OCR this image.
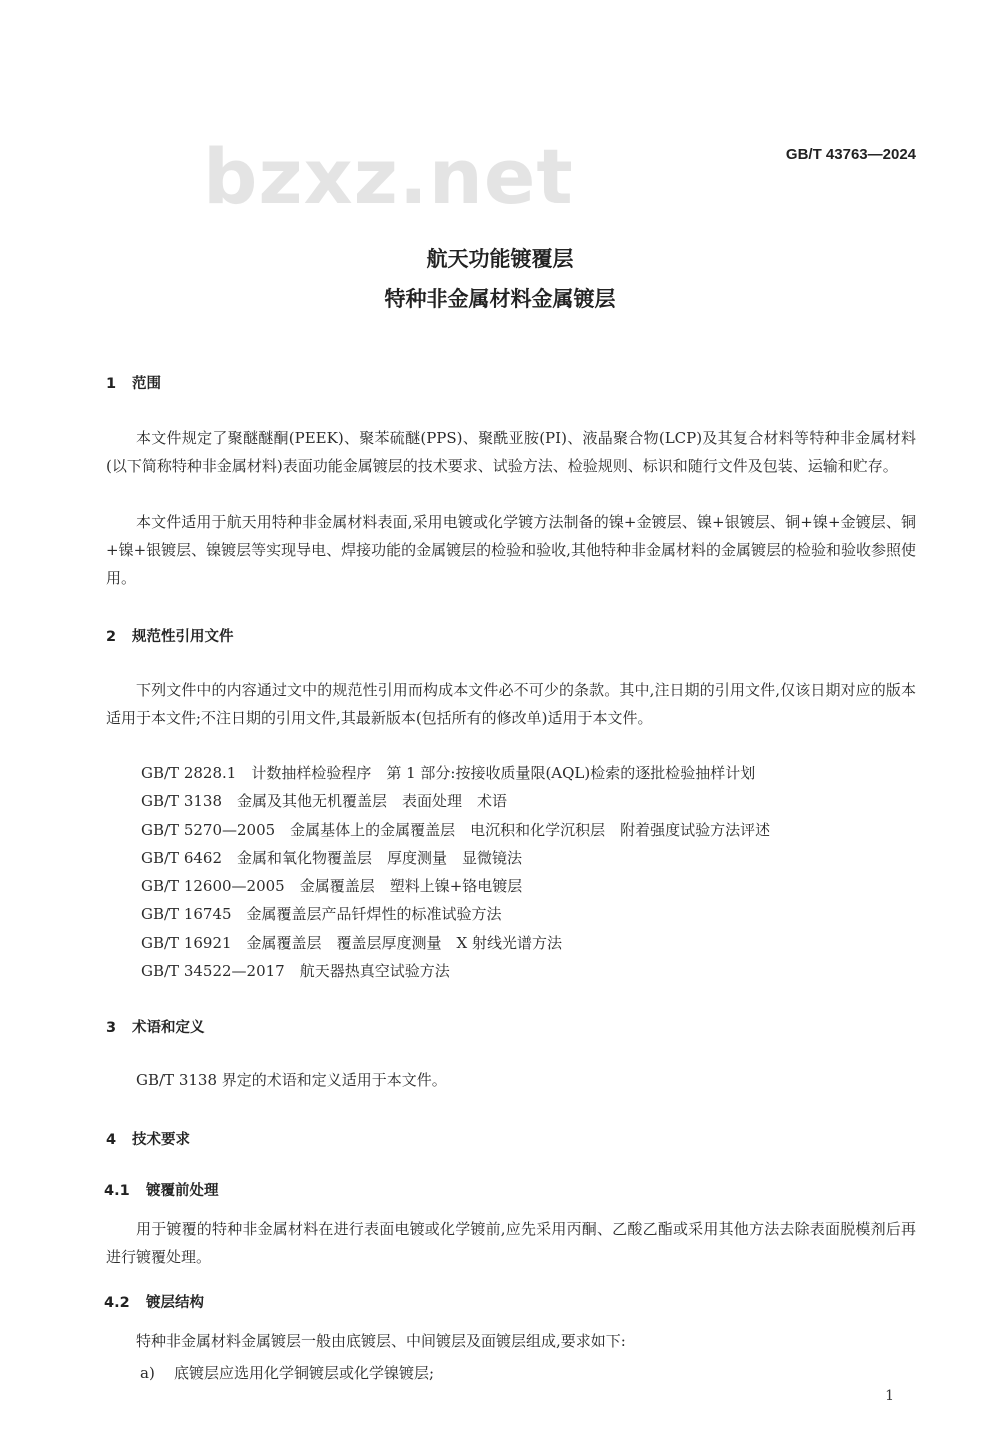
bzxz.net	GB/T 43763—2024
航天功能镀覆层
特种非金属材料金属镀层
1 范围

本文件规定了聚醚醚酮(PEEK)、聚苯硫醚(PPS)、聚酰亚胺(PI)、液晶聚合物(LCP)及其复合材料等特种非金属材料(以下简称特种非金属材料)表面功能金属镀层的技术要求、试验方法、检验规则、标识和随行文件及包装、运输和贮存。

本文件适用于航天用特种非金属材料表面,采用电镀或化学镀方法制备的镍+金镀层、镍+银镀层、铜+镍+金镀层、铜+镍+银镀层、镍镀层等实现导电、焊接功能的金属镀层的检验和验收,其他特种非金属材料的金属镀层的检验和验收参照使用。

2 规范性引用文件

下列文件中的内容通过文中的规范性引用而构成本文件必不可少的条款。其中,注日期的引用文件,仅该日期对应的版本适用于本文件;不注日期的引用文件,其最新版本(包括所有的修改单)适用于本文件。

GB/T 2828.1　计数抽样检验程序　第 1 部分:按接收质量限(AQL)检索的逐批检验抽样计划
GB/T 3138　金属及其他无机覆盖层　表面处理　术语
GB/T 5270—2005　金属基体上的金属覆盖层　电沉积和化学沉积层　附着强度试验方法评述
GB/T 6462　金属和氧化物覆盖层　厚度测量　显微镜法
GB/T 12600—2005　金属覆盖层　塑料上镍+铬电镀层
GB/T 16745　金属覆盖层产品钎焊性的标准试验方法
GB/T 16921　金属覆盖层　覆盖层厚度测量　X 射线光谱方法
GB/T 34522—2017　航天器热真空试验方法
3 术语和定义

GB/T 3138 界定的术语和定义适用于本文件。

4 技术要求
4.1 镀覆前处理

用于镀覆的特种非金属材料在进行表面电镀或化学镀前,应先采用丙酮、乙酸乙酯或采用其他方法去除表面脱模剂后再进行镀覆处理。

4.2 镀层结构

特种非金属材料金属镀层一般由底镀层、中间镀层及面镀层组成,要求如下:

a) 底镀层应选用化学铜镀层或化学镍镀层;
1
